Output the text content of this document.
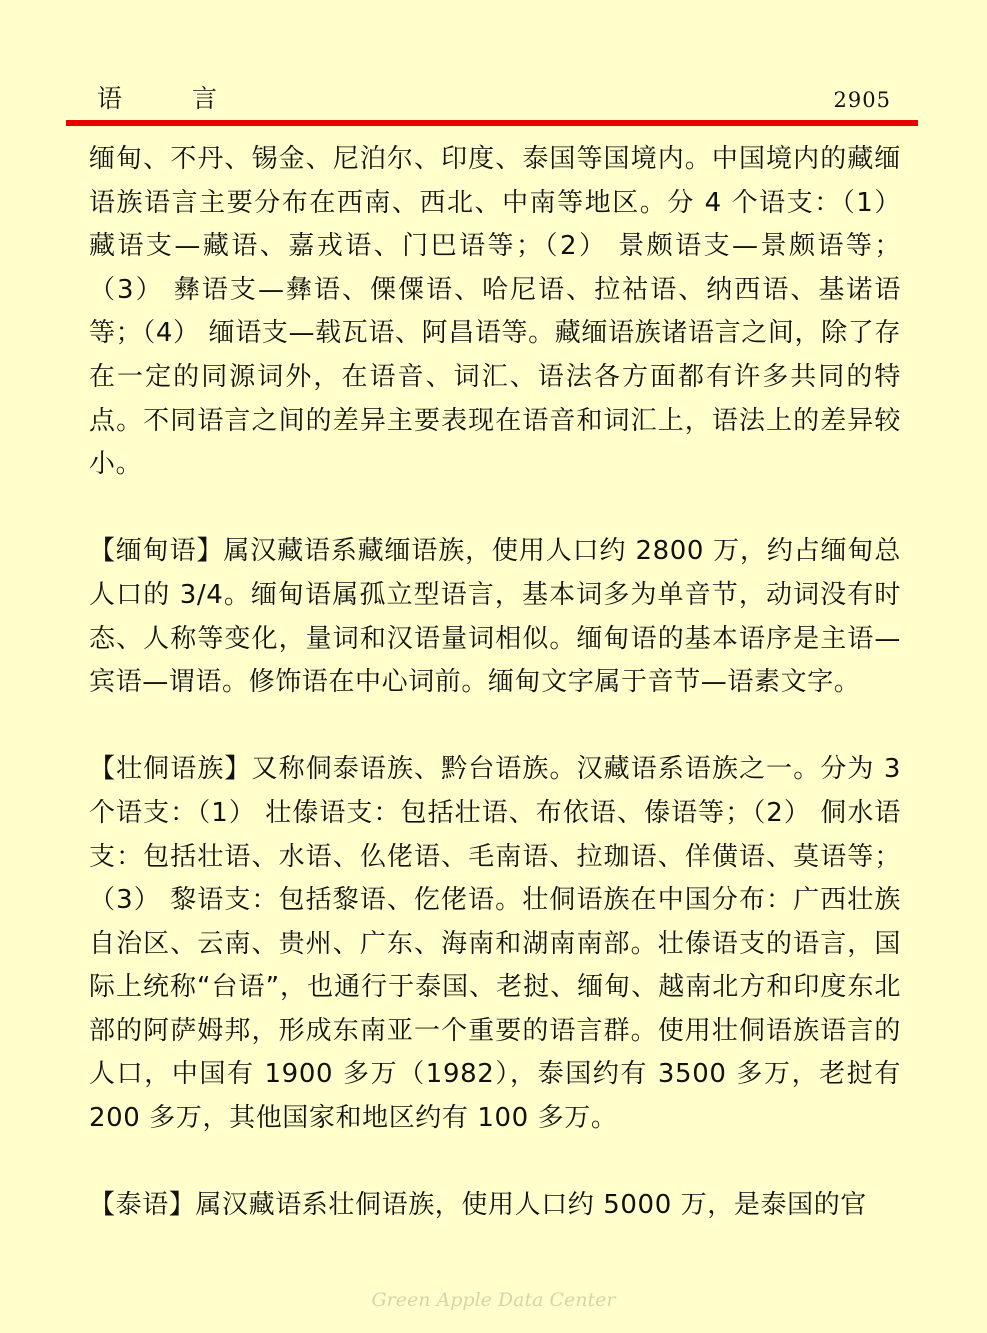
语言	2905

缅甸、不丹、锡金、尼泊尔、印度、泰国等国境内。中国境内的藏缅语族语言主要分布在西南、西北、中南等地区。分 4 个语支：（1） 藏语支—藏语、嘉戎语、门巴语等；（2） 景颇语支—景颇语等；（3） 彝语支—彝语、傈僳语、哈尼语、拉祜语、纳西语、基诺语等；（4） 缅语支—载瓦语、阿昌语等。藏缅语族诸语言之间，除了存在一定的同源词外，在语音、词汇、语法各方面都有许多共同的特点。不同语言之间的差异主要表现在语音和词汇上，语法上的差异较小。

【缅甸语】属汉藏语系藏缅语族，使用人口约 2800 万，约占缅甸总人口的 3/4。缅甸语属孤立型语言，基本词多为单音节，动词没有时态、人称等变化，量词和汉语量词相似。缅甸语的基本语序是主语—宾语—谓语。修饰语在中心词前。缅甸文字属于音节—语素文字。

【壮侗语族】又称侗泰语族、黔台语族。汉藏语系语族之一。分为 3 个语支：（1） 壮傣语支：包括壮语、布依语、傣语等；（2） 侗水语支：包括壮语、水语、仫佬语、毛南语、拉珈语、佯僙语、莫语等；（3） 黎语支：包括黎语、仡佬语。壮侗语族在中国分布：广西壮族自治区、云南、贵州、广东、海南和湖南南部。壮傣语支的语言，国际上统称“台语”，也通行于泰国、老挝、缅甸、越南北方和印度东北部的阿萨姆邦，形成东南亚一个重要的语言群。使用壮侗语族语言的人口，中国有 1900 多万（1982），泰国约有 3500 多万，老挝有 200 多万，其他国家和地区约有 100 多万。

【泰语】属汉藏语系壮侗语族，使用人口约 5000 万，是泰国的官

Green Apple Data Center
